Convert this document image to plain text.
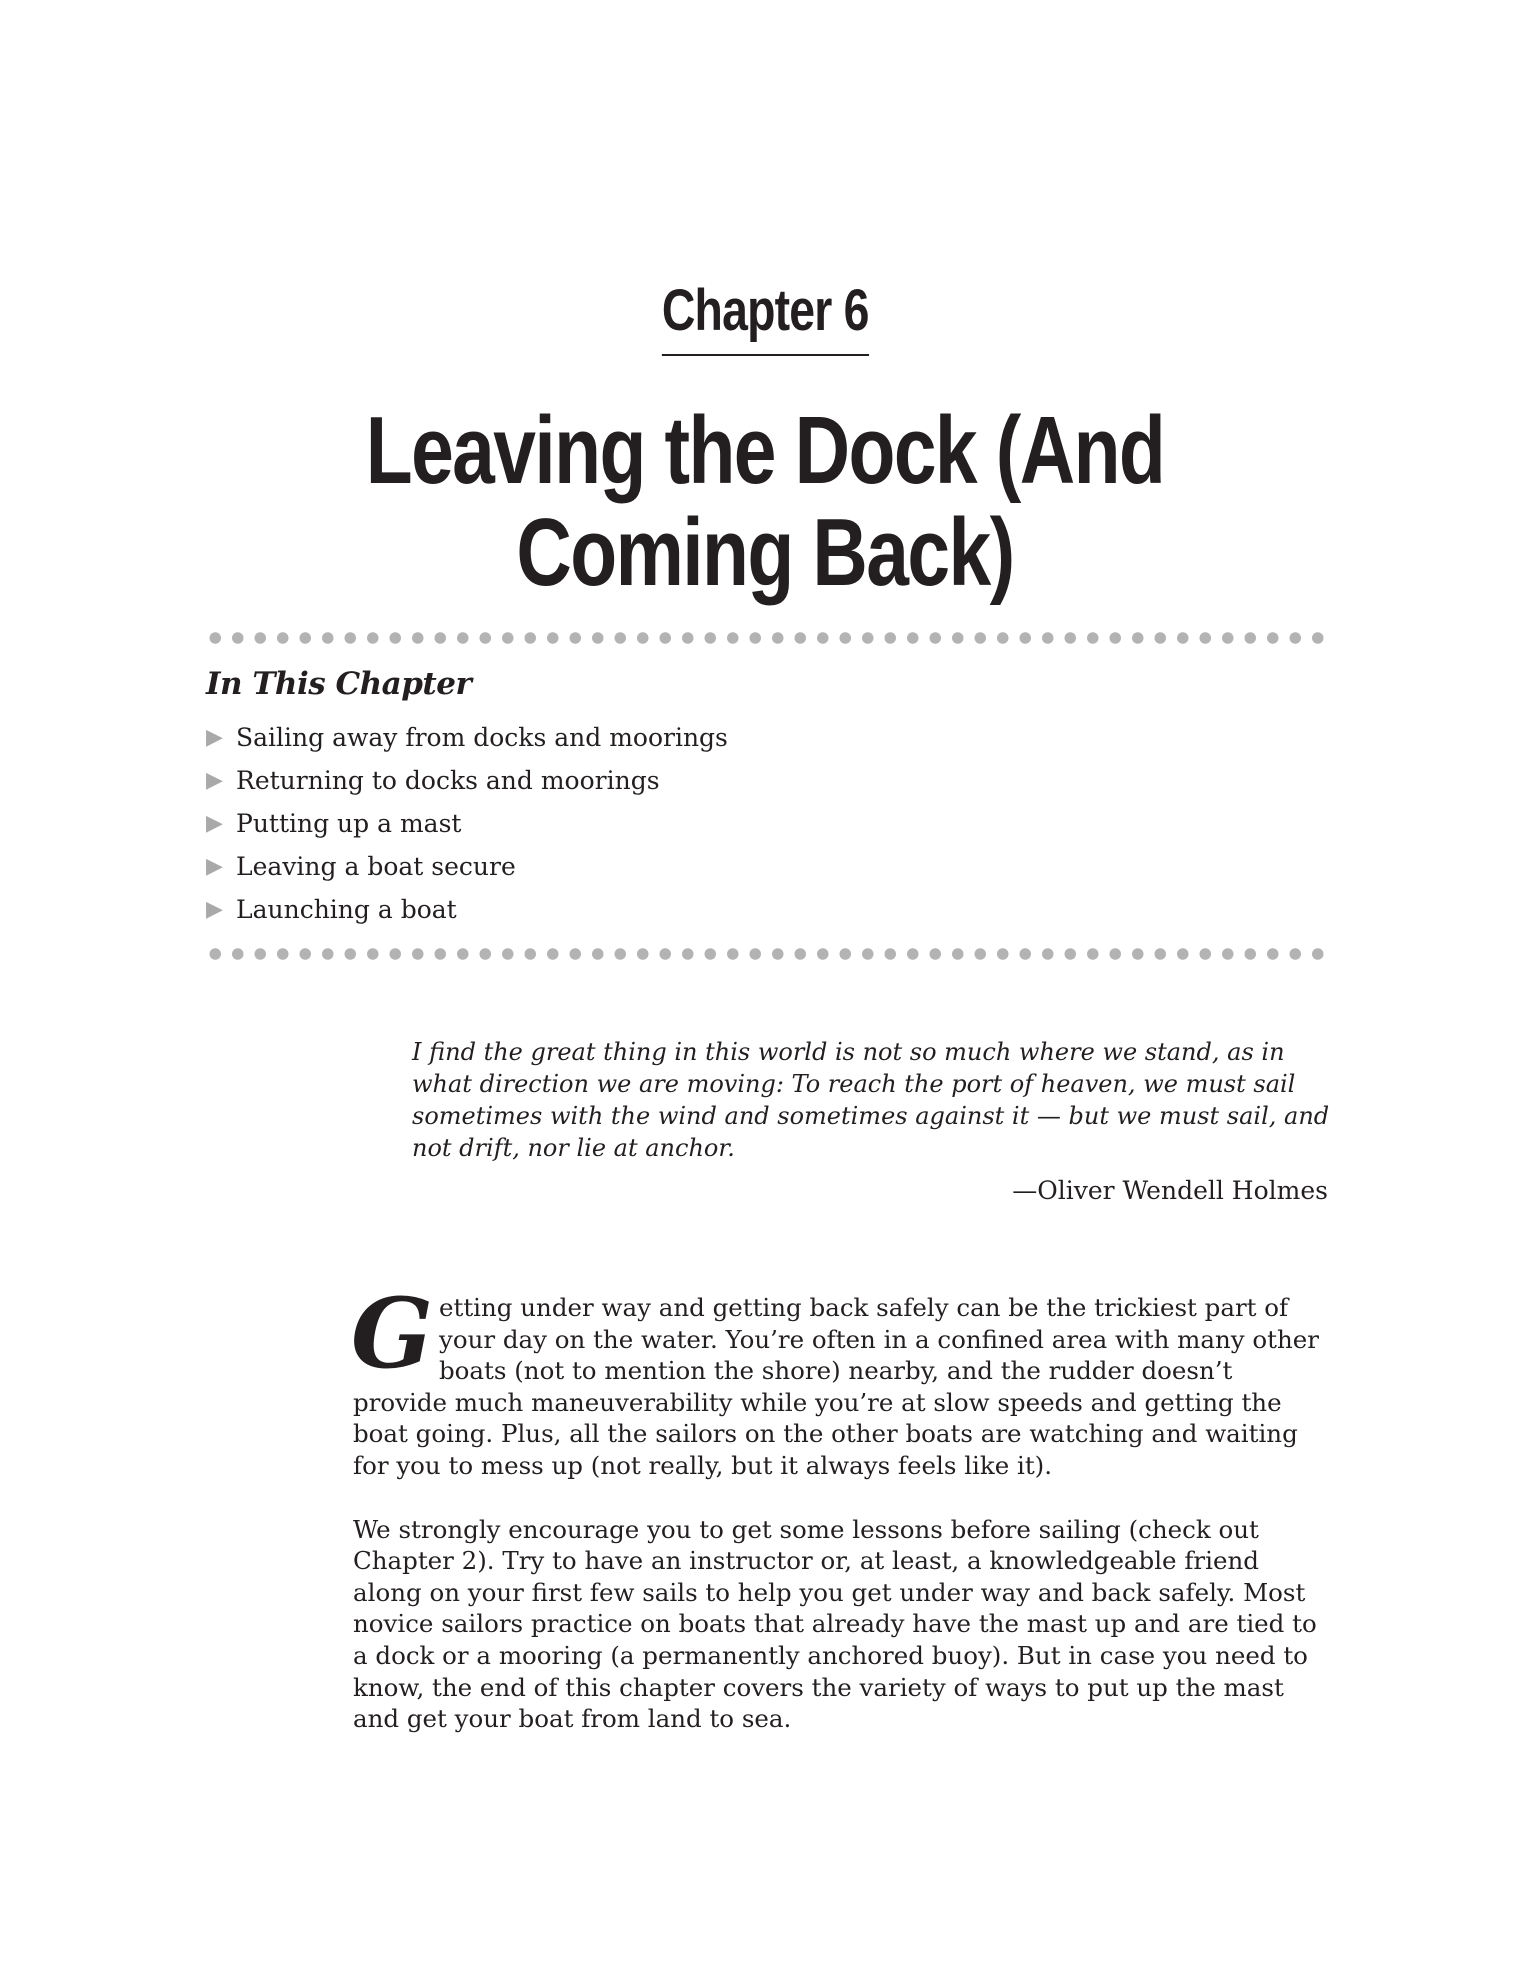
Chapter 6
Leaving the Dock (And
Coming Back)
In This Chapter
▶ Sailing away from docks and moorings
▶ Returning to docks and moorings
▶ Putting up a mast
▶ Leaving a boat secure
▶ Launching a boat

I find the great thing in this world is not so much where we stand, as in what direction we are moving: To reach the port of heaven, we must sail sometimes with the wind and sometimes against it — but we must sail, and not drift, nor lie at anchor.

—Oliver Wendell Holmes

Getting under way and getting back safely can be the trickiest part of your day on the water. You’re often in a confined area with many other boats (not to mention the shore) nearby, and the rudder doesn’t provide much maneuverability while you’re at slow speeds and getting the boat going. Plus, all the sailors on the other boats are watching and waiting for you to mess up (not really, but it always feels like it).

We strongly encourage you to get some lessons before sailing (check out Chapter 2). Try to have an instructor or, at least, a knowledgeable friend along on your first few sails to help you get under way and back safely. Most novice sailors practice on boats that already have the mast up and are tied to a dock or a mooring (a permanently anchored buoy). But in case you need to know, the end of this chapter covers the variety of ways to put up the mast and get your boat from land to sea.
